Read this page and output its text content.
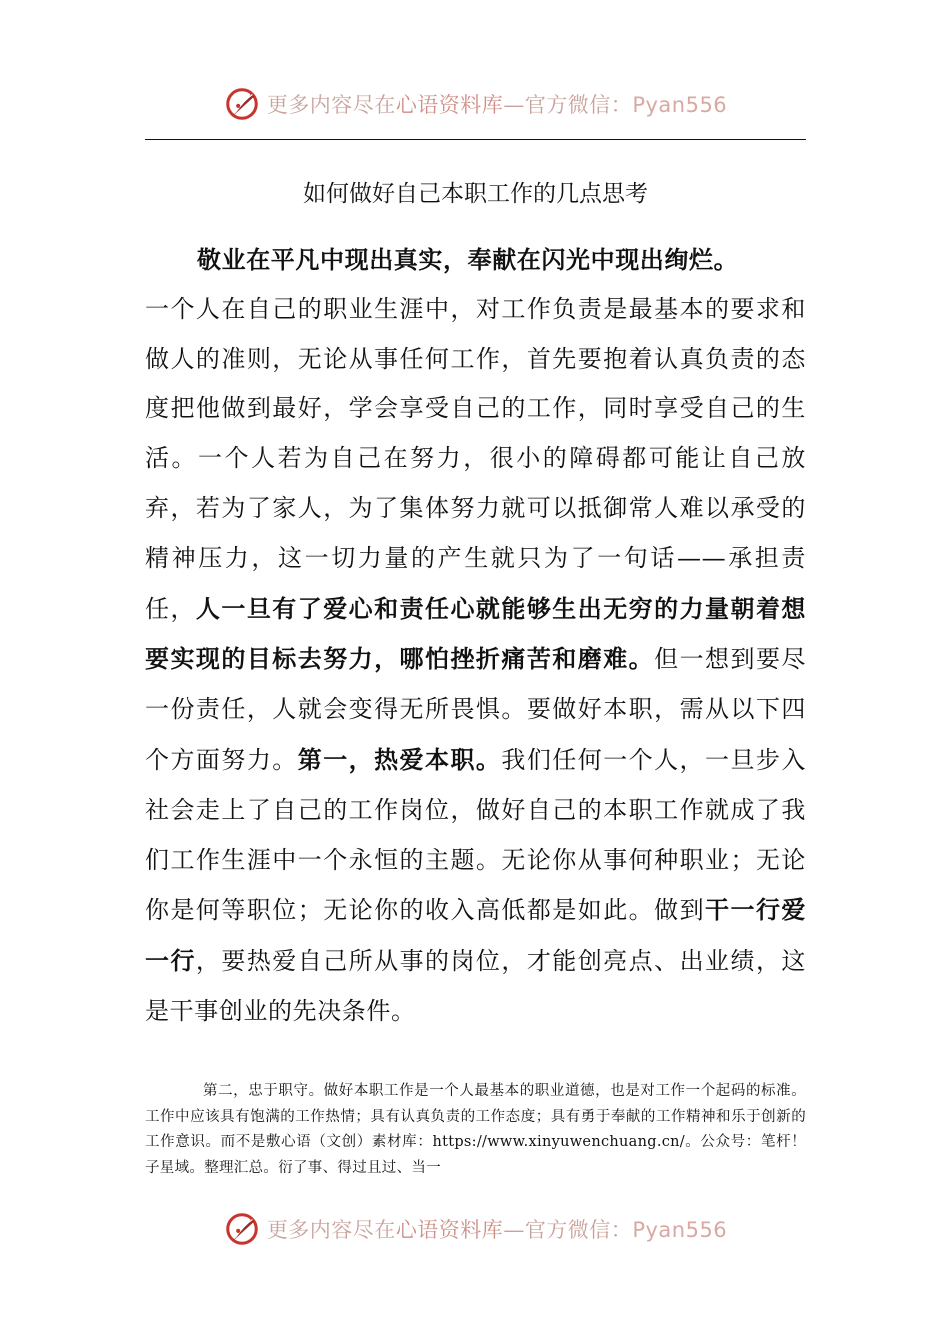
更多内容尽在心语资料库—官方微信：Pyan556
如何做好自己本职工作的几点思考

敬业在平凡中现出真实，奉献在闪光中现出绚烂。
一个人在自己的职业生涯中，对工作负责是最基本的要求和做人的准则，无论从事任何工作，首先要抱着认真负责的态度把他做到最好，学会享受自己的工作，同时享受自己的生活。一个人若为自己在努力，很小的障碍都可能让自己放弃，若为了家人，为了集体努力就可以抵御常人难以承受的精神压力，这一切力量的产生就只为了一句话——承担责任，人一旦有了爱心和责任心就能够生出无穷的力量朝着想要实现的目标去努力，哪怕挫折痛苦和磨难。但一想到要尽一份责任，人就会变得无所畏惧。要做好本职，需从以下四个方面努力。第一，热爱本职。我们任何一个人，一旦步入社会走上了自己的工作岗位，做好自己的本职工作就成了我们工作生涯中一个永恒的主题。无论你从事何种职业；无论你是何等职位；无论你的收入高低都是如此。做到干一行爱一行，要热爱自己所从事的岗位，才能创亮点、出业绩，这是干事创业的先决条件。

第二，忠于职守。做好本职工作是一个人最基本的职业道德，也是对工作一个起码的标准。工作中应该具有饱满的工作热情；具有认真负责的工作态度；具有勇于奉献的工作精神和乐于创新的工作意识。而不是敷心语（文创）素材库：https://www.xinyuwenchuang.cn/。公众号：笔杆！子星域。整理汇总。衍了事、得过且过、当一

更多内容尽在心语资料库—官方微信：Pyan556
